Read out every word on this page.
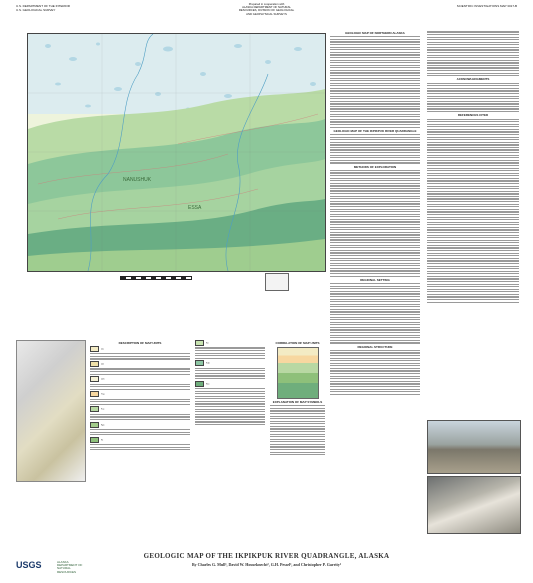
U.S. DEPARTMENT OF THE INTERIOR
U.S. GEOLOGICAL SURVEY
Prepared in cooperation with
ALASKA DEPARTMENT OF NATURAL
RESOURCES, DIVISION OF GEOLOGICAL
AND GEOPHYSICAL SURVEYS
SCIENTIFIC INVESTIGATIONS MAP 3017-B
NANUSHUK
ESSA
GEOLOGIC MAP OF NORTHERN ALASKA
GEOLOGIC MAP OF THE IKPIKPUK RIVER QUADRANGLE
METHODS OF EXPLORATION
REGIONAL SETTING
REGIONAL STRUCTURE
ACKNOWLEDGMENTS
REFERENCES CITED
DESCRIPTION OF MAP UNITS
Qs
Qe
Qm
Tsg
Ksc
Kpc
Kt
Kn
Ksb
Kto
CORRELATION OF MAP UNITS
EXPLANATION OF MAP SYMBOLS
GEOLOGIC MAP OF THE IKPIKPUK RIVER QUADRANGLE, ALASKA
By Charles G. Mull¹, David W. Houseknecht², G.H. Pessel³, and Christopher P. Garrity²
USGS	ALASKA
DEPARTMENT OF
NATURAL
RESOURCES
